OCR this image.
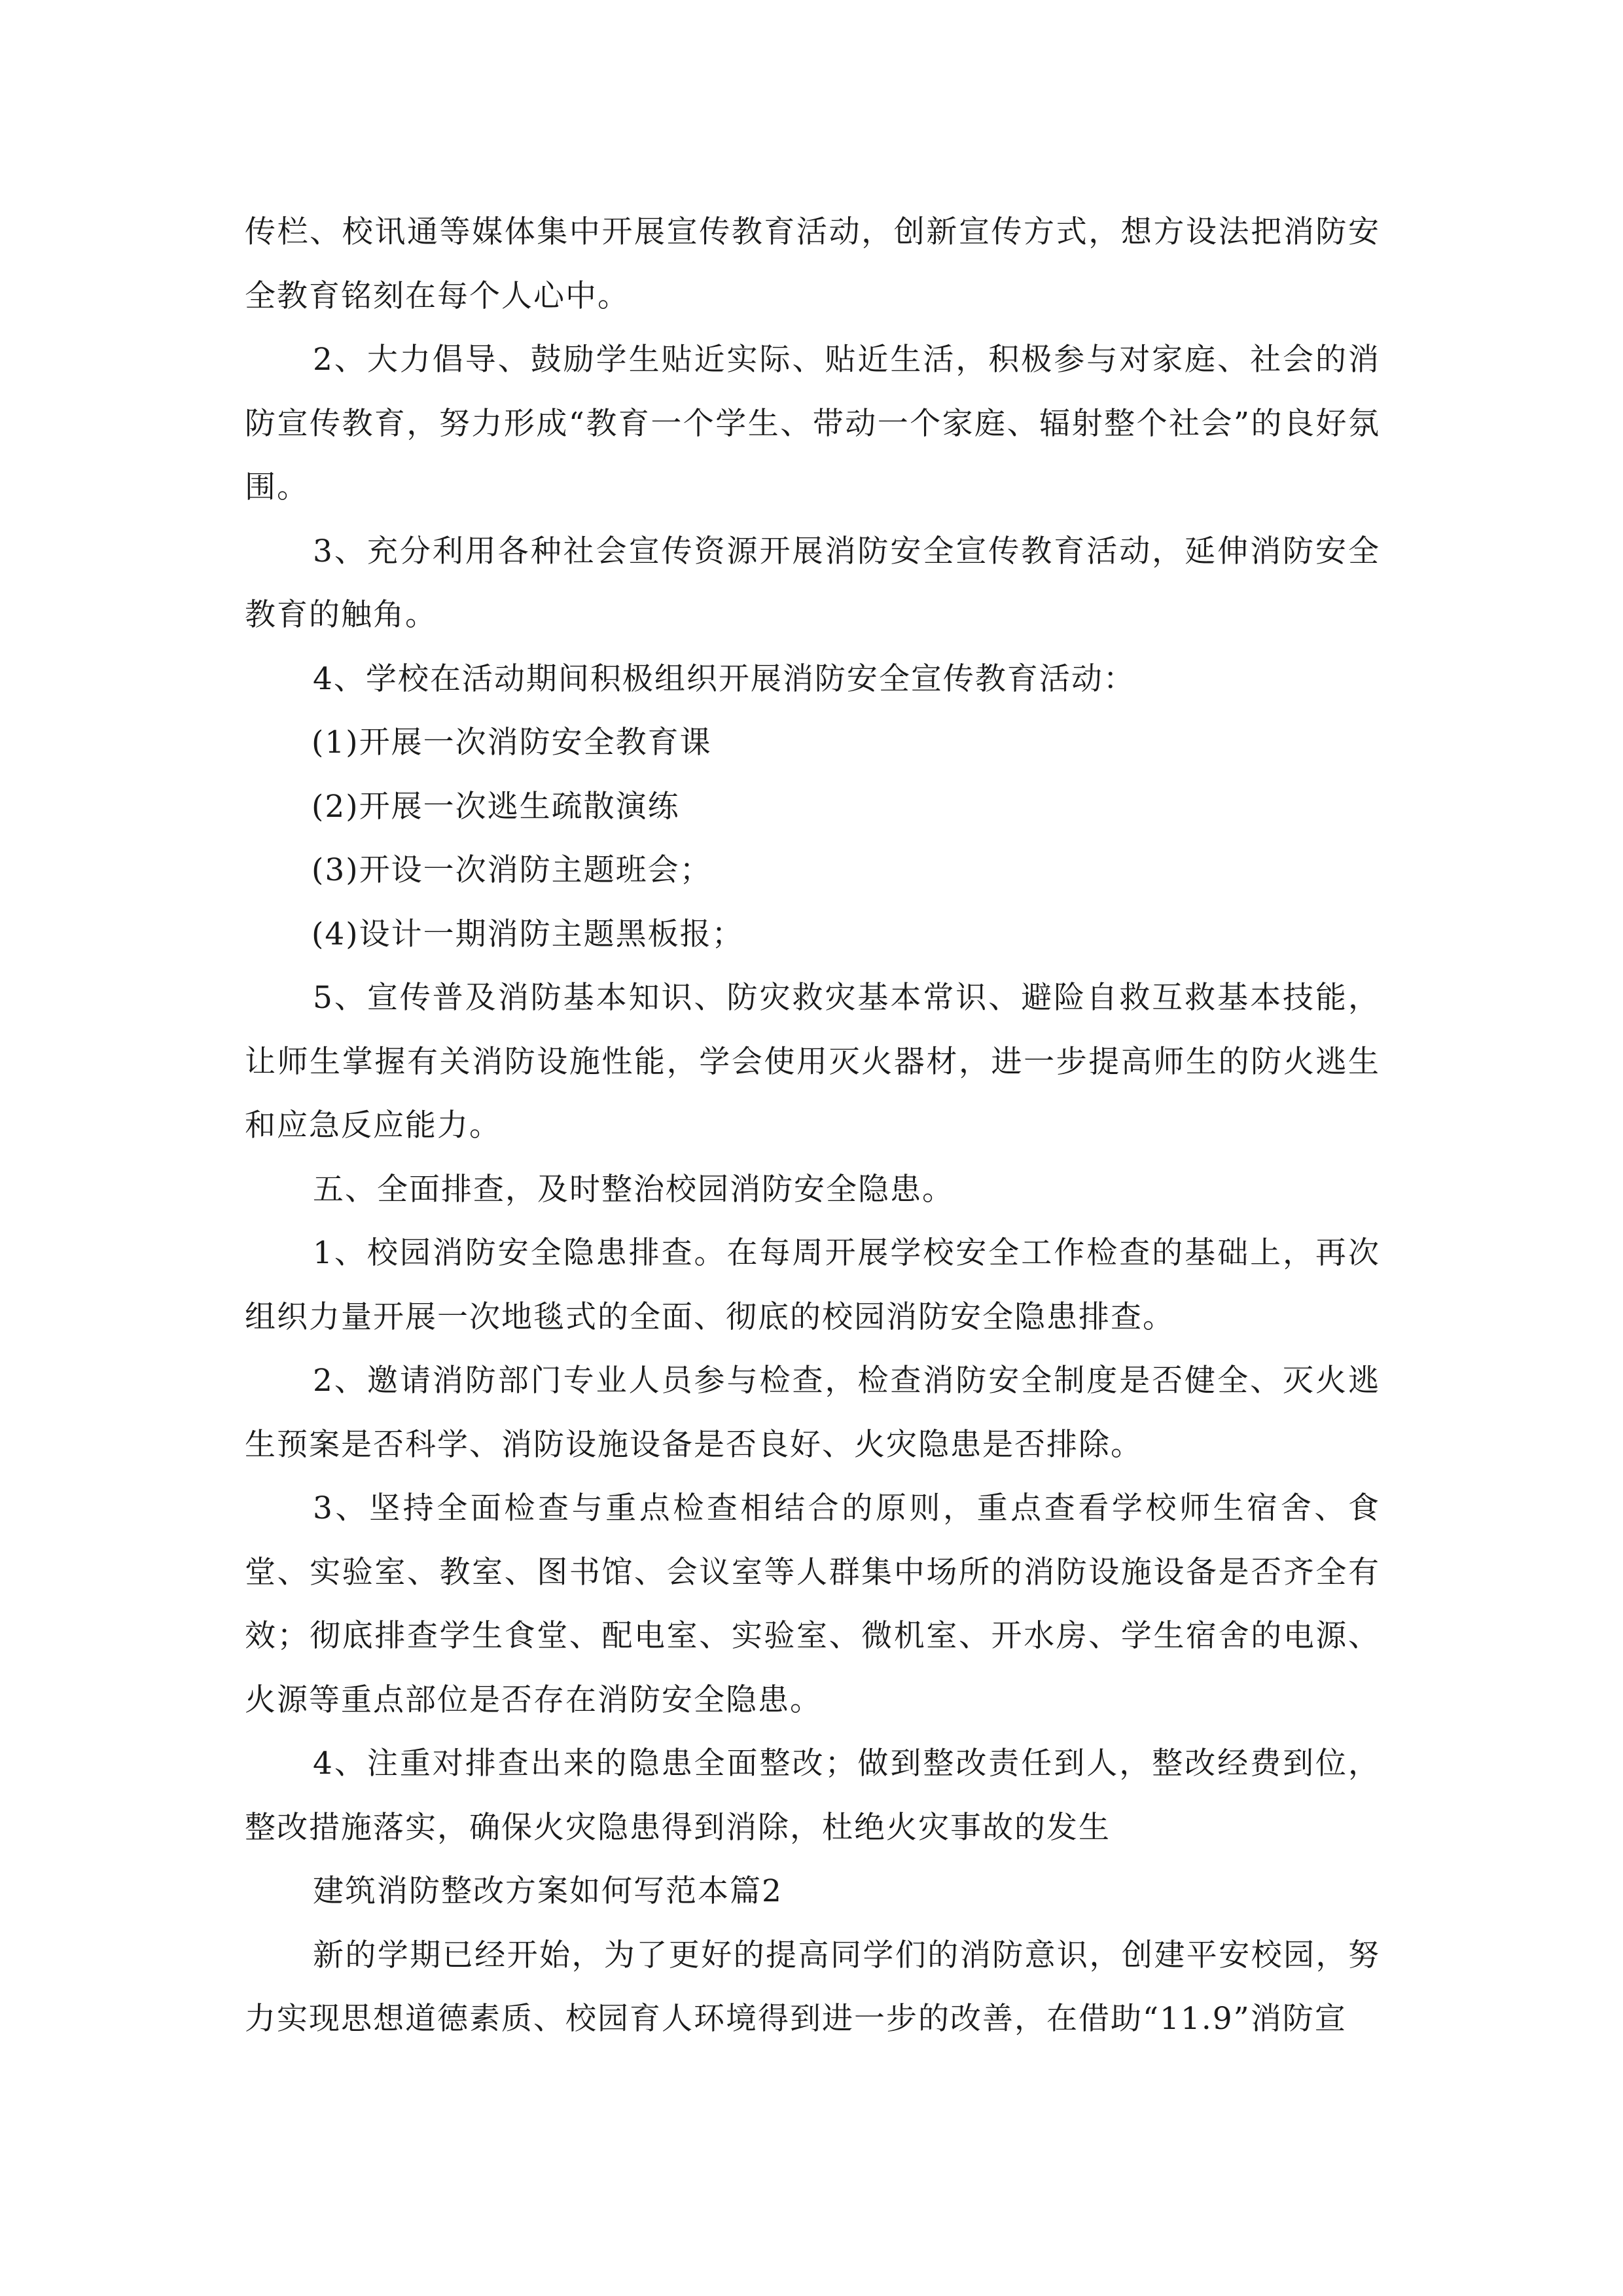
传栏、校讯通等媒体集中开展宣传教育活动，创新宣传方式，想方设法把消防安全教育铭刻在每个人心中。

2、大力倡导、鼓励学生贴近实际、贴近生活，积极参与对家庭、社会的消防宣传教育，努力形成“教育一个学生、带动一个家庭、辐射整个社会”的良好氛围。

3、充分利用各种社会宣传资源开展消防安全宣传教育活动，延伸消防安全教育的触角。

4、学校在活动期间积极组织开展消防安全宣传教育活动：

(1)开展一次消防安全教育课

(2)开展一次逃生疏散演练

(3)开设一次消防主题班会；

(4)设计一期消防主题黑板报；

5、宣传普及消防基本知识、防灾救灾基本常识、避险自救互救基本技能，让师生掌握有关消防设施性能，学会使用灭火器材，进一步提高师生的防火逃生和应急反应能力。

五、全面排查，及时整治校园消防安全隐患。

1、校园消防安全隐患排查。在每周开展学校安全工作检查的基础上，再次组织力量开展一次地毯式的全面、彻底的校园消防安全隐患排查。

2、邀请消防部门专业人员参与检查，检查消防安全制度是否健全、灭火逃生预案是否科学、消防设施设备是否良好、火灾隐患是否排除。

3、坚持全面检查与重点检查相结合的原则，重点查看学校师生宿舍、食堂、实验室、教室、图书馆、会议室等人群集中场所的消防设施设备是否齐全有效；彻底排查学生食堂、配电室、实验室、微机室、开水房、学生宿舍的电源、火源等重点部位是否存在消防安全隐患。

4、注重对排查出来的隐患全面整改；做到整改责任到人，整改经费到位，整改措施落实，确保火灾隐患得到消除，杜绝火灾事故的发生

建筑消防整改方案如何写范本篇2

新的学期已经开始，为了更好的提高同学们的消防意识，创建平安校园，努力实现思想道德素质、校园育人环境得到进一步的改善，在借助“11.9”消防宣
